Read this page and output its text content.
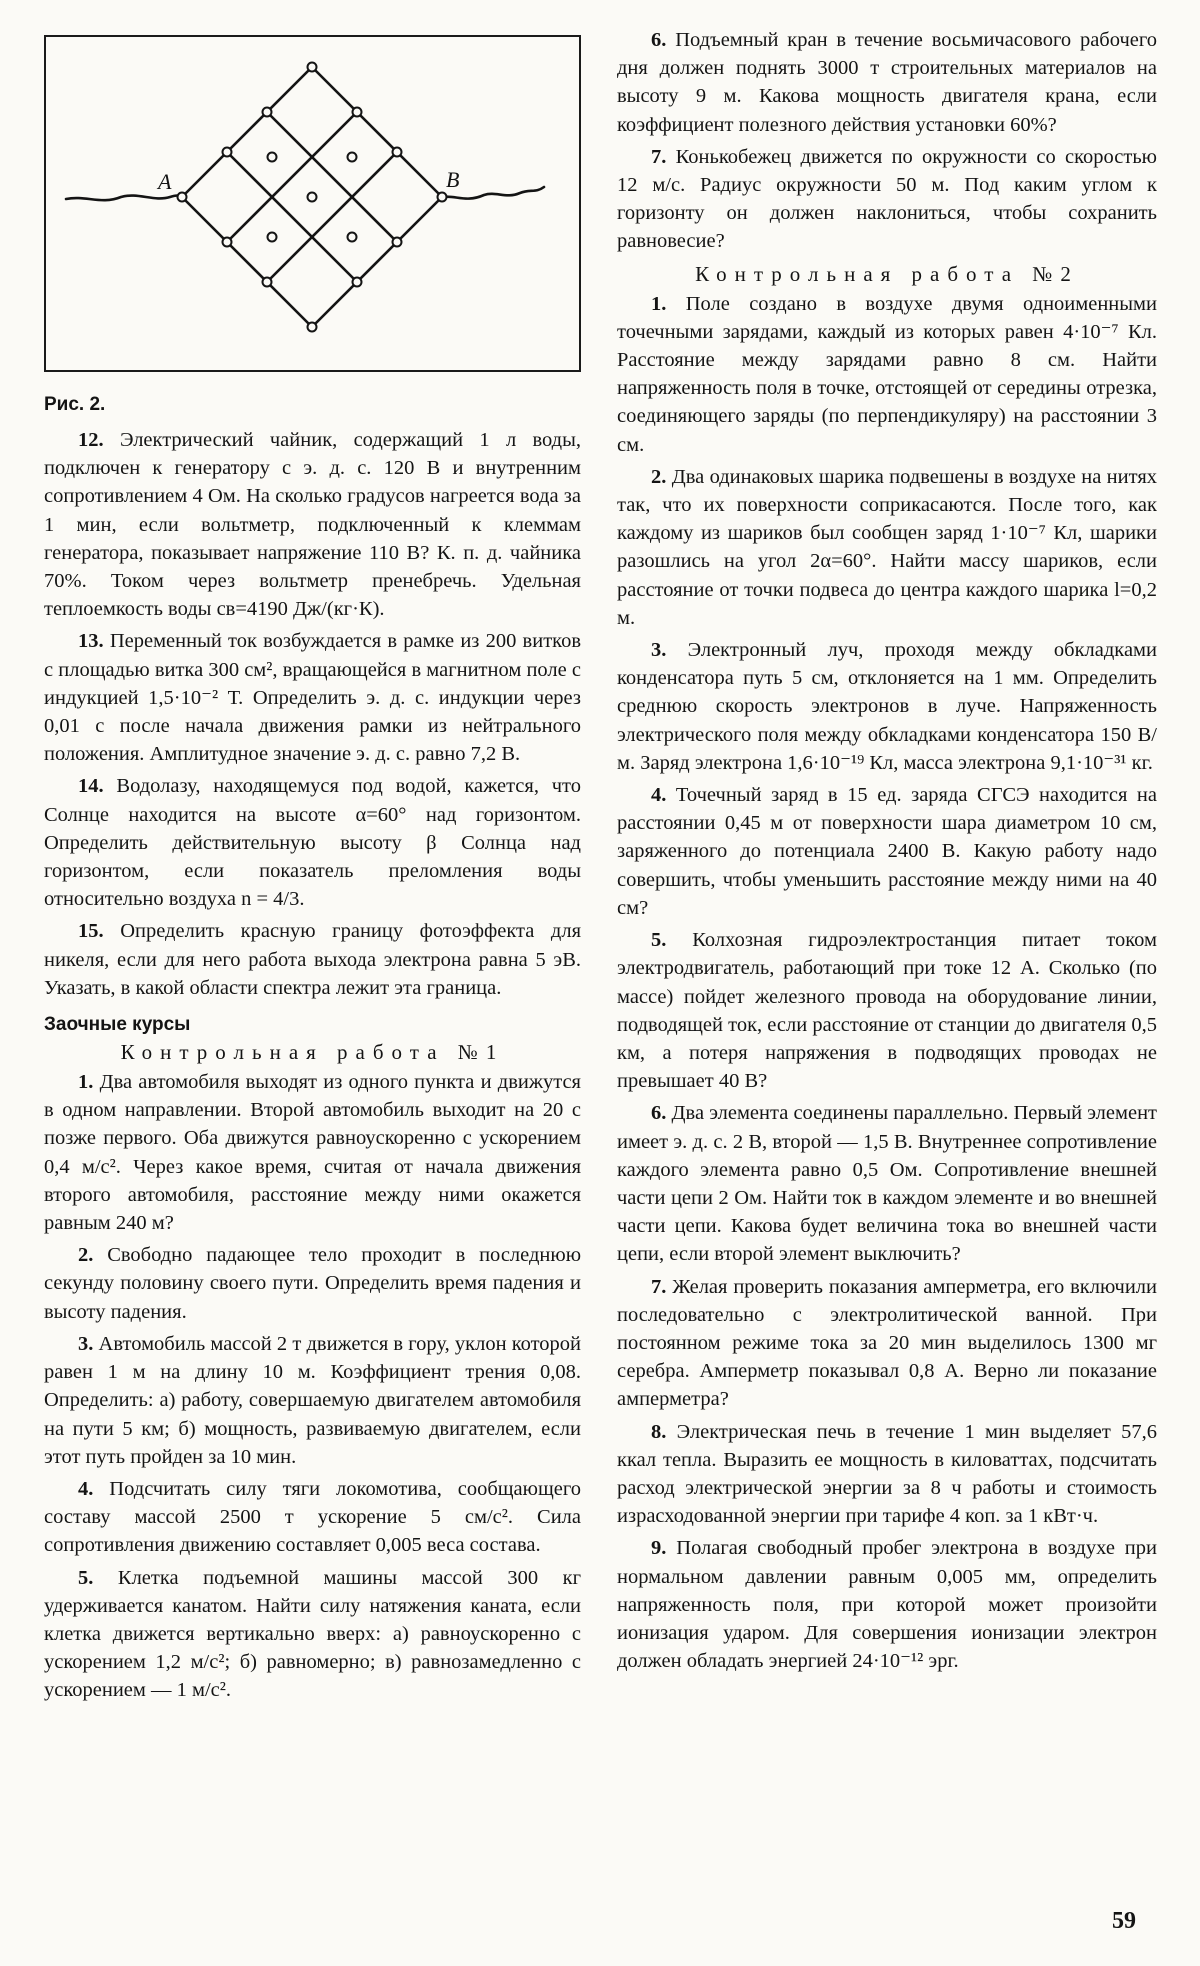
A	B
Рис. 2.

12. Электрический чайник, содержащий 1 л воды, подключен к генератору с э. д. с. 120 В и внутренним сопротивлением 4 Ом. На сколько градусов нагреется вода за 1 мин, если вольтметр, подключенный к клеммам генератора, показывает напряжение 110 В? К. п. д. чайника 70%. Током через вольтметр пренебречь. Удельная теплоемкость воды cв=4190 Дж/(кг·К).

13. Переменный ток возбуждается в рамке из 200 витков с площадью витка 300 см², вращающейся в магнитном поле с индукцией 1,5·10⁻² Т. Определить э. д. с. индукции через 0,01 с после начала движения рамки из нейтрального положения. Амплитудное значение э. д. с. равно 7,2 В.

14. Водолазу, находящемуся под водой, кажется, что Солнце находится на высоте α=60° над горизонтом. Определить действительную высоту β Солнца над горизонтом, если показатель преломления воды относительно воздуха n = 4/3.

15. Определить красную границу фотоэффекта для никеля, если для него работа выхода электрона равна 5 эВ. Указать, в какой области спектра лежит эта граница.

Заочные курсы
Контрольная работа №1

1. Два автомобиля выходят из одного пункта и движутся в одном направлении. Второй автомобиль выходит на 20 с позже первого. Оба движутся равноускоренно с ускорением 0,4 м/с². Через какое время, считая от начала движения второго автомобиля, расстояние между ними окажется равным 240 м?

2. Свободно падающее тело проходит в последнюю секунду половину своего пути. Определить время падения и высоту падения.

3. Автомобиль массой 2 т движется в гору, уклон которой равен 1 м на длину 10 м. Коэффициент трения 0,08. Определить: а) работу, совершаемую двигателем автомобиля на пути 5 км; б) мощность, развиваемую двигателем, если этот путь пройден за 10 мин.

4. Подсчитать силу тяги локомотива, сообщающего составу массой 2500 т ускорение 5 см/с². Сила сопротивления движению составляет 0,005 веса состава.

5. Клетка подъемной машины массой 300 кг удерживается канатом. Найти силу натяжения каната, если клетка движется вертикально вверх: а) равноускоренно с ускорением 1,2 м/с²; б) равномерно; в) равнозамедленно с ускорением — 1 м/с².

6. Подъемный кран в течение восьмичасового рабочего дня должен поднять 3000 т строительных материалов на высоту 9 м. Какова мощность двигателя крана, если коэффициент полезного действия установки 60%?

7. Конькобежец движется по окружности со скоростью 12 м/с. Радиус окружности 50 м. Под каким углом к горизонту он должен наклониться, чтобы сохранить равновесие?

Контрольная работа №2

1. Поле создано в воздухе двумя одноименными точечными зарядами, каждый из которых равен 4·10⁻⁷ Кл. Расстояние между зарядами равно 8 см. Найти напряженность поля в точке, отстоящей от середины отрезка, соединяющего заряды (по перпендикуляру) на расстоянии 3 см.

2. Два одинаковых шарика подвешены в воздухе на нитях так, что их поверхности соприкасаются. После того, как каждому из шариков был сообщен заряд 1·10⁻⁷ Кл, шарики разошлись на угол 2α=60°. Найти массу шариков, если расстояние от точки подвеса до центра каждого шарика l=0,2 м.

3. Электронный луч, проходя между обкладками конденсатора путь 5 см, отклоняется на 1 мм. Определить среднюю скорость электронов в луче. Напряженность электрического поля между обкладками конденсатора 150 В/м. Заряд электрона 1,6·10⁻¹⁹ Кл, масса электрона 9,1·10⁻³¹ кг.

4. Точечный заряд в 15 ед. заряда СГСЭ находится на расстоянии 0,45 м от поверхности шара диаметром 10 см, заряженного до потенциала 2400 В. Какую работу надо совершить, чтобы уменьшить расстояние между ними на 40 см?

5. Колхозная гидроэлектростанция питает током электродвигатель, работающий при токе 12 А. Сколько (по массе) пойдет железного провода на оборудование линии, подводящей ток, если расстояние от станции до двигателя 0,5 км, а потеря напряжения в подводящих проводах не превышает 40 В?

6. Два элемента соединены параллельно. Первый элемент имеет э. д. с. 2 В, второй — 1,5 В. Внутреннее сопротивление каждого элемента равно 0,5 Ом. Сопротивление внешней части цепи 2 Ом. Найти ток в каждом элементе и во внешней части цепи. Какова будет величина тока во внешней части цепи, если второй элемент выключить?

7. Желая проверить показания амперметра, его включили последовательно с электролитической ванной. При постоянном режиме тока за 20 мин выделилось 1300 мг серебра. Амперметр показывал 0,8 А. Верно ли показание амперметра?

8. Электрическая печь в течение 1 мин выделяет 57,6 ккал тепла. Выразить ее мощность в киловаттах, подсчитать расход электрической энергии за 8 ч работы и стоимость израсходованной энергии при тарифе 4 коп. за 1 кВт·ч.

9. Полагая свободный пробег электрона в воздухе при нормальном давлении равным 0,005 мм, определить напряженность поля, при которой может произойти ионизация ударом. Для совершения ионизации электрон должен обладать энергией 24·10⁻¹² эрг.

59
